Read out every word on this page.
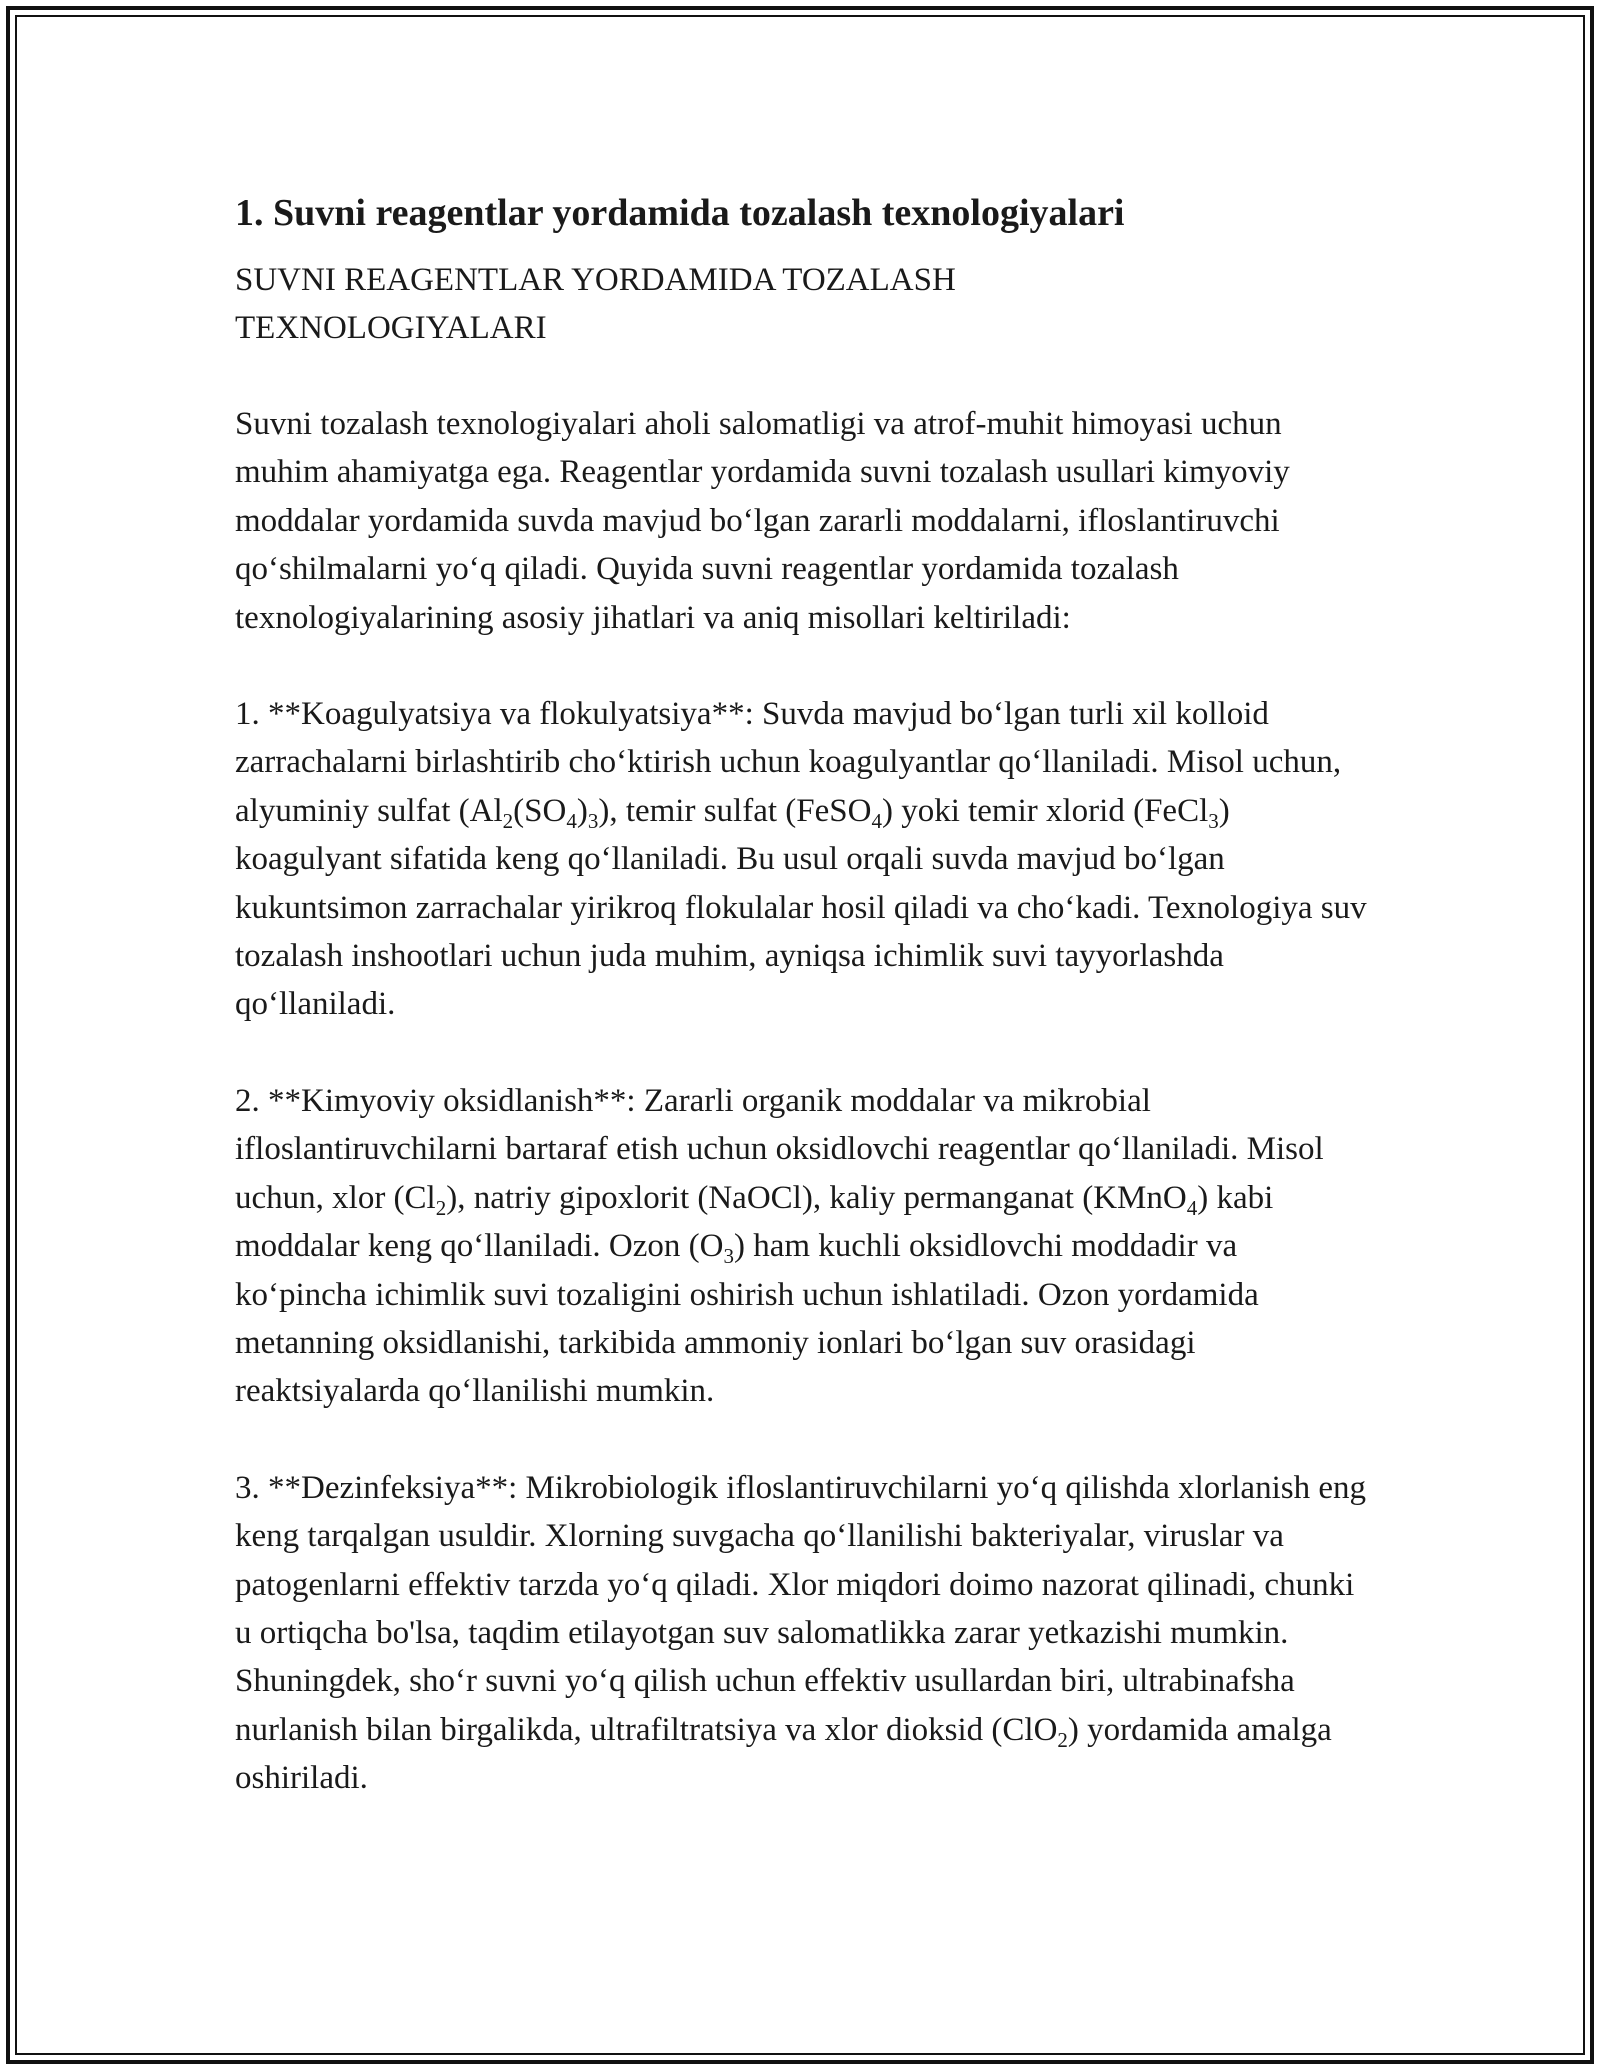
1. Suvni reagentlar yordamida tozalash texnologiyalari
SUVNI REAGENTLAR YORDAMIDA TOZALASH
TEXNOLOGIYALARI

Suvni tozalash texnologiyalari aholi salomatligi va atrof-muhit himoyasi uchun muhim ahamiyatga ega. Reagentlar yordamida suvni tozalash usullari kimyoviy moddalar yordamida suvda mavjud bo‘lgan zararli moddalarni, ifloslantiruvchi qo‘shilmalarni yo‘q qiladi. Quyida suvni reagentlar yordamida tozalash texnologiyalarining asosiy jihatlari va aniq misollari keltiriladi:

1. **Koagulyatsiya va flokulyatsiya**: Suvda mavjud bo‘lgan turli xil kolloid zarrachalarni birlashtirib cho‘ktirish uchun koagulyantlar qo‘llaniladi. Misol uchun, alyuminiy sulfat $(Al_2(SO_4)_3)$, temir sulfat (FeSO$_4$) yoki temir xlorid (FeCl$_3$) koagulyant sifatida keng qo‘llaniladi. Bu usul orqali suvda mavjud bo‘lgan kukuntsimon zarrachalar yirikroq flokulalar hosil qiladi va cho‘kadi. Texnologiya suv tozalash inshootlari uchun juda muhim, ayniqsa ichimlik suvi tayyorlashda qo‘llaniladi.

2. **Kimyoviy oksidlanish**: Zararli organik moddalar va mikrobial ifloslantiruvchilarni bartaraf etish uchun oksidlovchi reagentlar qo‘llaniladi. Misol uchun, xlor $(Cl_2)$, natriy gipoxlorit (NaOCl), kaliy permanganat (KMnO$_4$) kabi moddalar keng qo‘llaniladi. Ozon $(O_3)$ ham kuchli oksidlovchi moddadir va ko‘pincha ichimlik suvi tozaligini oshirish uchun ishlatiladi. Ozon yordamida metanning oksidlanishi, tarkibida ammoniy ionlari bo‘lgan suv orasidagi reaktsiyalarda qo‘llanilishi mumkin.

3. **Dezinfeksiya**: Mikrobiologik ifloslantiruvchilarni yo‘q qilishda xlorlanish eng keng tarqalgan usuldir. Xlorning suvgacha qo‘llanilishi bakteriyalar, viruslar va patogenlarni effektiv tarzda yo‘q qiladi. Xlor miqdori doimo nazorat qilinadi, chunki u ortiqcha bo'lsa, taqdim etilayotgan suv salomatlikka zarar yetkazishi mumkin. Shuningdek, sho‘r suvni yo‘q qilish uchun effektiv usullardan biri, ultrabinafsha nurlanish bilan birgalikda, ultrafiltratsiya va xlor dioksid (ClO$_2$) yordamida amalga oshiriladi.
